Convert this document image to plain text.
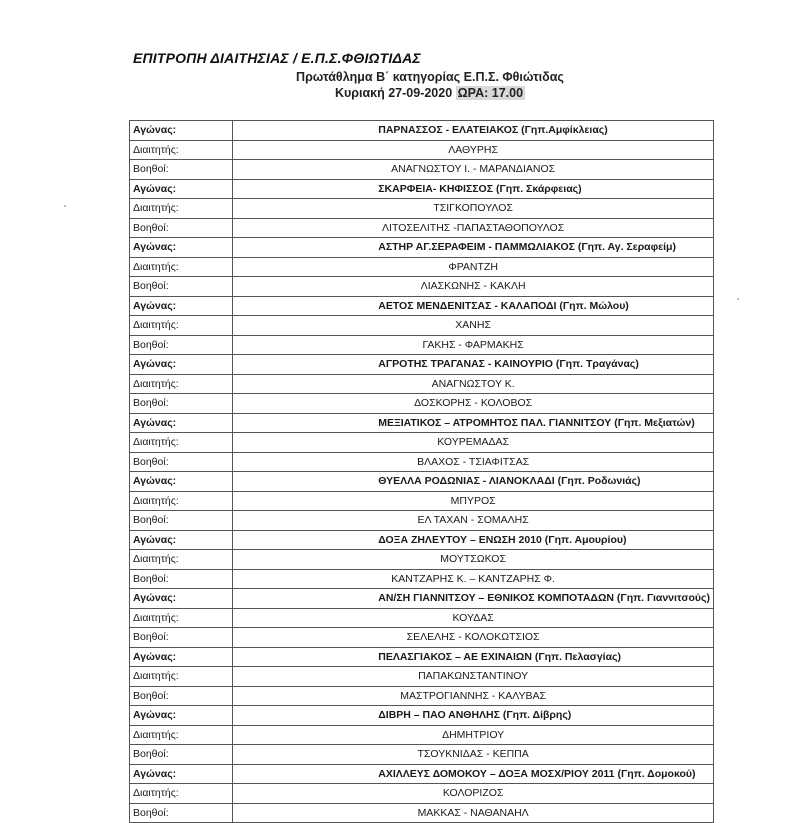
ΕΠΙΤΡΟΠΗ ΔΙΑΙΤΗΣΙΑΣ / Ε.Π.Σ.ΦΘΙΩΤΙΔΑΣ
Πρωτάθλημα Β΄ κατηγορίας Ε.Π.Σ. Φθιώτιδας
Κυριακή 27-09-2020 ΩΡΑ: 17.00
Αγώνας:	ΠΑΡΝΑΣΣΟΣ - ΕΛΑΤΕΙΑΚΟΣ (Γηπ.Αμφίκλειας)
Διαιτητής:	ΛΑΘΥΡΗΣ
Βοηθοί:	ΑΝΑΓΝΩΣΤΟΥ Ι. - ΜΑΡΑΝΔΙΑΝΟΣ
Αγώνας:	ΣΚΑΡΦΕΙΑ- ΚΗΦΙΣΣΟΣ (Γηπ. Σκάρφειας)
Διαιτητής:	ΤΣΙΓΚΟΠΟΥΛΟΣ
Βοηθοί:	ΛΙΤΟΣΕΛΙΤΗΣ -ΠΑΠΑΣΤΑΘΟΠΟΥΛΟΣ
Αγώνας:	ΑΣΤΗΡ ΑΓ.ΣΕΡΑΦΕΙΜ - ΠΑΜΜΩΛΙΑΚΟΣ (Γηπ. Αγ. Σεραφείμ)
Διαιτητής:	ΦΡΑΝΤΖΗ
Βοηθοί:	ΛΙΑΣΚΩΝΗΣ - ΚΑΚΛΗ
Αγώνας:	ΑΕΤΟΣ ΜΕΝΔΕΝΙΤΣΑΣ - ΚΑΛΑΠΟΔΙ (Γηπ. Μώλου)
Διαιτητής:	ΧΑΝΗΣ
Βοηθοί:	ΓΑΚΗΣ - ΦΑΡΜΑΚΗΣ
Αγώνας:	ΑΓΡΟΤΗΣ ΤΡΑΓΑΝΑΣ - ΚΑΙΝΟΥΡΙΟ (Γηπ. Τραγάνας)
Διαιτητής:	ΑΝΑΓΝΩΣΤΟΥ Κ.
Βοηθοί:	ΔΟΣΚΟΡΗΣ - ΚΟΛΟΒΟΣ
Αγώνας:	ΜΕΞΙΑΤΙΚΟΣ – ΑΤΡΟΜΗΤΟΣ ΠΑΛ. ΓΙΑΝΝΙΤΣΟΥ (Γηπ. Μεξιατών)
Διαιτητής:	ΚΟΥΡΕΜΑΔΑΣ
Βοηθοί:	ΒΛΑΧΟΣ - ΤΣΙΑΦΙΤΣΑΣ
Αγώνας:	ΘΥΕΛΛΑ ΡΟΔΩΝΙΑΣ - ΛΙΑΝΟΚΛΑΔΙ (Γηπ. Ροδωνιάς)
Διαιτητής:	ΜΠΥΡΟΣ
Βοηθοί:	ΕΛ ΤΑΧΑΝ - ΣΟΜΑΛΗΣ
Αγώνας:	ΔΟΞΑ ΖΗΛΕΥΤΟΥ – ΕΝΩΣΗ 2010 (Γηπ. Αμουρίου)
Διαιτητής:	ΜΟΥΤΣΩΚΟΣ
Βοηθοί:	ΚΑΝΤΖΑΡΗΣ Κ. – ΚΑΝΤΖΑΡΗΣ Φ.
Αγώνας:	ΑΝ/ΣΗ ΓΙΑΝΝΙΤΣΟΥ – ΕΘΝΙΚΟΣ ΚΟΜΠΟΤΑΔΩΝ (Γηπ. Γιαννιτσούς)
Διαιτητής:	ΚΟΥΔΑΣ
Βοηθοί:	ΣΕΛΕΛΗΣ - ΚΟΛΟΚΩΤΣΙΟΣ
Αγώνας:	ΠΕΛΑΣΓΙΑΚΟΣ – ΑΕ ΕΧΙΝΑΙΩΝ (Γηπ. Πελασγίας)
Διαιτητής:	ΠΑΠΑΚΩΝΣΤΑΝΤΙΝΟΥ
Βοηθοί:	ΜΑΣΤΡΟΓΙΑΝΝΗΣ - ΚΑΛΥΒΑΣ
Αγώνας:	ΔΙΒΡΗ – ΠΑΟ ΑΝΘΗΛΗΣ (Γηπ. Δίβρης)
Διαιτητής:	ΔΗΜΗΤΡΙΟΥ
Βοηθοί:	ΤΣΟΥΚΝΙΔΑΣ - ΚΕΠΠΑ
Αγώνας:	ΑΧΙΛΛΕΥΣ ΔΟΜΟΚΟΥ – ΔΟΞΑ ΜΟΣΧ/ΡΙΟΥ 2011 (Γηπ. Δομοκού)
Διαιτητής:	ΚΟΛΟΡΙΖΟΣ
Βοηθοί:	ΜΑΚΚΑΣ - ΝΑΘΑΝΑΗΛ
